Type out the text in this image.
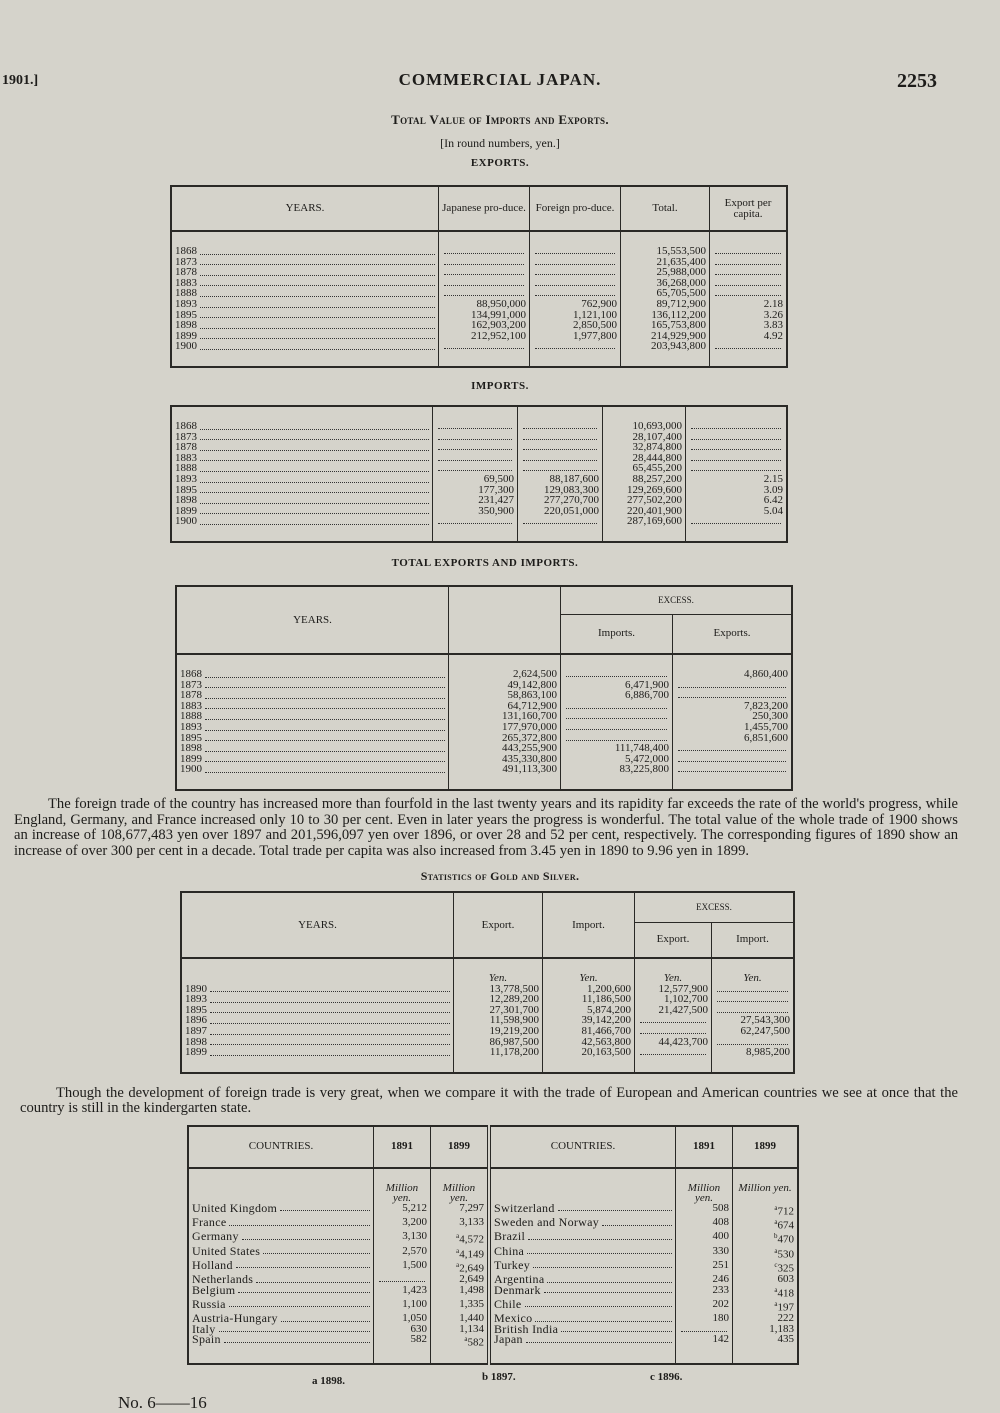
1901.]	COMMERCIAL JAPAN.	2253
Total Value of Imports and Exports.
[In round numbers, yen.]
EXPORTS.
YEARS.	Japanese pro-duce.	Foreign pro-duce.	Total.	Export per capita.

1868			15,553,500	

1873			21,635,400	

1878			25,988,000	

1883			36,268,000	

1888			65,705,500	

1893	88,950,000	762,900	89,712,900	2.18

1895	134,991,000	1,121,100	136,112,200	3.26

1898	162,903,200	2,850,500	165,753,800	3.83

1899	212,952,100	1,977,800	214,929,900	4.92

1900			203,943,800	

IMPORTS.

1868			10,693,000	

1873			28,107,400	

1878			32,874,800	

1883			28,444,800	

1888			65,455,200	

1893	69,500	88,187,600	88,257,200	2.15

1895	177,300	129,083,300	129,269,600	3.09

1898	231,427	277,270,700	277,502,200	6.42

1899	350,900	220,051,000	220,401,900	5.04

1900			287,169,600	

TOTAL EXPORTS AND IMPORTS.
YEARS.		EXCESS.	
		Imports.	Exports.

1868	2,624,500		4,860,400

1873	49,142,800	6,471,900	

1878	58,863,100	6,886,700	

1883	64,712,900		7,823,200

1888	131,160,700		250,300

1893	177,970,000		1,455,700

1895	265,372,800		6,851,600

1898	443,255,900	111,748,400	

1899	435,330,800	5,472,000	

1900	491,113,300	83,225,800	

The foreign trade of the country has increased more than fourfold in the last twenty years and its rapidity far exceeds the rate of the world's progress, while England, Germany, and France increased only 10 to 30 per cent. Even in later years the progress is wonderful. The total value of the whole trade of 1900 shows an increase of 108,677,483 yen over 1897 and 201,596,097 yen over 1896, or over 28 and 52 per cent, respectively. The corresponding figures of 1890 show an increase of over 300 per cent in a decade. Total trade per capita was also increased from 3.45 yen in 1890 to 9.96 yen in 1899.

Statistics of Gold and Silver.
YEARS.	Export.	Import.	EXCESS.	
			Export.	Import.

	Yen.	Yen.	Yen.	Yen.

1890	13,778,500	1,200,600	12,577,900	

1893	12,289,200	11,186,500	1,102,700	

1895	27,301,700	5,874,200	21,427,500	

1896	11,598,900	39,142,200		27,543,300

1897	19,219,200	81,466,700		62,247,500

1898	86,987,500	42,563,800	44,423,700	

1899	11,178,200	20,163,500		8,985,200

Though the development of foreign trade is very great, when we compare it with the trade of European and American countries we see at once that the country is still in the kindergarten state.

COUNTRIES.	1891	1899	COUNTRIES.	1891	1899

	Million yen.	Million yen.		Million yen.	Million yen.

United Kingdom	5,212	7,297	Switzerland	508	$^a$712

France	3,200	3,133	Sweden and Norway	408	$^a$674

Germany	3,130	$^a$4,572	Brazil	400	$^b$470

United States	2,570	$^a$4,149	China	330	$^a$530

Holland	1,500	$^a$2,649	Turkey	251	$^c$325

Netherlands		2,649	Argentina	246	603

Belgium	1,423	1,498	Denmark	233	$^a$418

Russia	1,100	1,335	Chile	202	$^a$197

Austria-Hungary	1,050	1,440	Mexico	180	222

Italy	630	1,134	British India		1,183

Spain	582	$^a$582	Japan	142	435

a 1898.	b 1897.	c 1896.
No. 6——16
